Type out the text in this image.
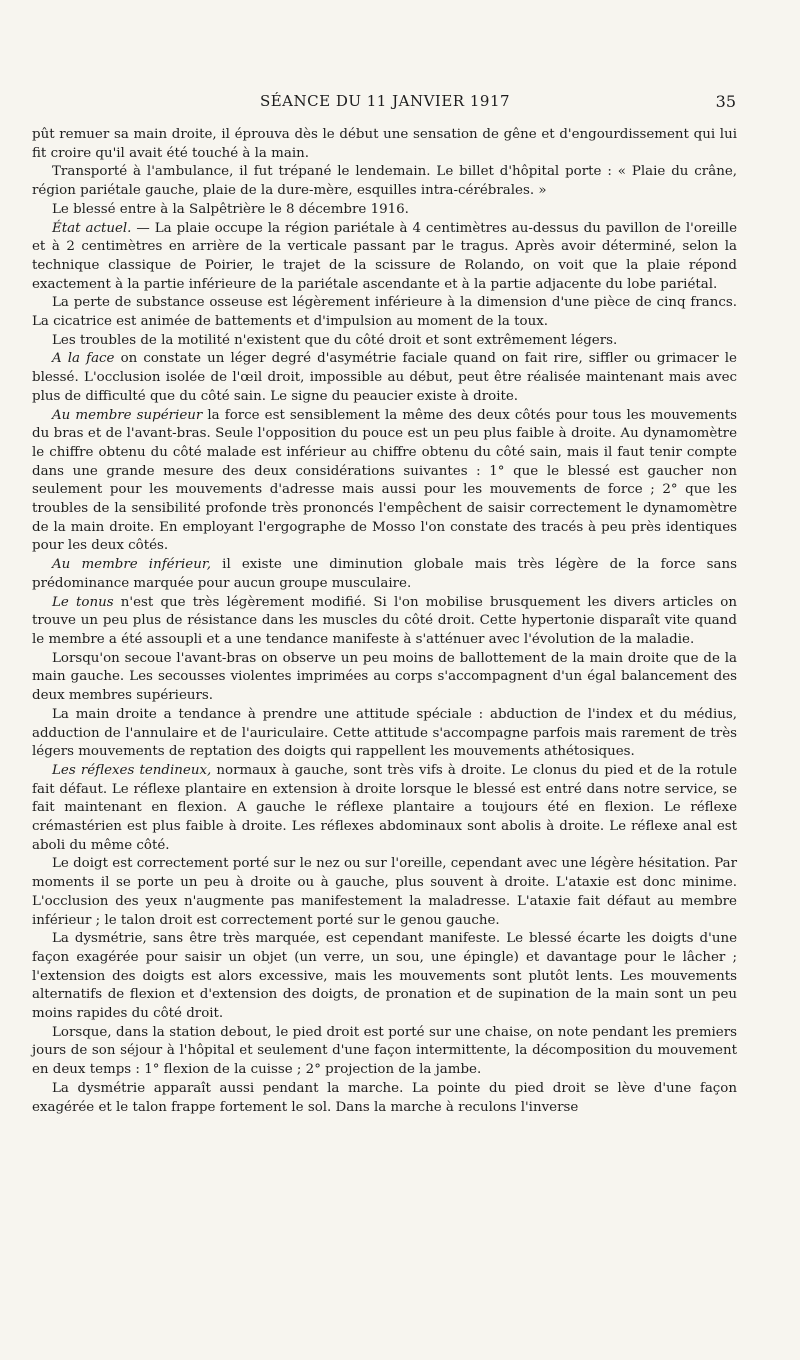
SÉANCE DU 11 JANVIER 1917	35

pût remuer sa main droite, il éprouva dès le début une sensation de gêne et d'engourdissement qui lui fit croire qu'il avait été touché à la main.

Transporté à l'ambulance, il fut trépané le lendemain. Le billet d'hôpital porte : « Plaie du crâne, région pariétale gauche, plaie de la dure-mère, esquilles intra-cérébrales. »

Le blessé entre à la Salpêtrière le 8 décembre 1916.

État actuel. — La plaie occupe la région pariétale à 4 centimètres au-dessus du pavillon de l'oreille et à 2 centimètres en arrière de la verticale passant par le tragus. Après avoir déterminé, selon la technique classique de Poirier, le trajet de la scissure de Rolando, on voit que la plaie répond exactement à la partie inférieure de la pariétale ascendante et à la partie adjacente du lobe pariétal.

La perte de substance osseuse est légèrement inférieure à la dimension d'une pièce de cinq francs. La cicatrice est animée de battements et d'impulsion au moment de la toux.

Les troubles de la motilité n'existent que du côté droit et sont extrêmement légers.

A la face on constate un léger degré d'asymétrie faciale quand on fait rire, siffler ou grimacer le blessé. L'occlusion isolée de l'œil droit, impossible au début, peut être réalisée maintenant mais avec plus de difficulté que du côté sain. Le signe du peaucier existe à droite.

Au membre supérieur la force est sensiblement la même des deux côtés pour tous les mouvements du bras et de l'avant-bras. Seule l'opposition du pouce est un peu plus faible à droite. Au dynamomètre le chiffre obtenu du côté malade est inférieur au chiffre obtenu du côté sain, mais il faut tenir compte dans une grande mesure des deux considérations suivantes : 1° que le blessé est gaucher non seulement pour les mouvements d'adresse mais aussi pour les mouvements de force ; 2° que les troubles de la sensibilité profonde très prononcés l'empêchent de saisir correctement le dynamomètre de la main droite. En employant l'ergographe de Mosso l'on constate des tracés à peu près identiques pour les deux côtés.

Au membre inférieur, il existe une diminution globale mais très légère de la force sans prédominance marquée pour aucun groupe musculaire.

Le tonus n'est que très légèrement modifié. Si l'on mobilise brusquement les divers articles on trouve un peu plus de résistance dans les muscles du côté droit. Cette hypertonie disparaît vite quand le membre a été assoupli et a une tendance manifeste à s'atténuer avec l'évolution de la maladie.

Lorsqu'on secoue l'avant-bras on observe un peu moins de ballottement de la main droite que de la main gauche. Les secousses violentes imprimées au corps s'accompagnent d'un égal balancement des deux membres supérieurs.

La main droite a tendance à prendre une attitude spéciale : abduction de l'index et du médius, adduction de l'annulaire et de l'auriculaire. Cette attitude s'accompagne parfois mais rarement de très légers mouvements de reptation des doigts qui rappellent les mouvements athétosiques.

Les réflexes tendineux, normaux à gauche, sont très vifs à droite. Le clonus du pied et de la rotule fait défaut. Le réflexe plantaire en extension à droite lorsque le blessé est entré dans notre service, se fait maintenant en flexion. A gauche le réflexe plantaire a toujours été en flexion. Le réflexe crémastérien est plus faible à droite. Les réflexes abdominaux sont abolis à droite. Le réflexe anal est aboli du même côté.

Le doigt est correctement porté sur le nez ou sur l'oreille, cependant avec une légère hésitation. Par moments il se porte un peu à droite ou à gauche, plus souvent à droite. L'ataxie est donc minime. L'occlusion des yeux n'augmente pas manifestement la maladresse. L'ataxie fait défaut au membre inférieur ; le talon droit est correctement porté sur le genou gauche.

La dysmétrie, sans être très marquée, est cependant manifeste. Le blessé écarte les doigts d'une façon exagérée pour saisir un objet (un verre, un sou, une épingle) et davantage pour le lâcher ; l'extension des doigts est alors excessive, mais les mouvements sont plutôt lents. Les mouvements alternatifs de flexion et d'extension des doigts, de pronation et de supination de la main sont un peu moins rapides du côté droit.

Lorsque, dans la station debout, le pied droit est porté sur une chaise, on note pendant les premiers jours de son séjour à l'hôpital et seulement d'une façon intermittente, la décomposition du mouvement en deux temps : 1° flexion de la cuisse ; 2° projection de la jambe.

La dysmétrie apparaît aussi pendant la marche. La pointe du pied droit se lève d'une façon exagérée et le talon frappe fortement le sol. Dans la marche à reculons l'inverse
